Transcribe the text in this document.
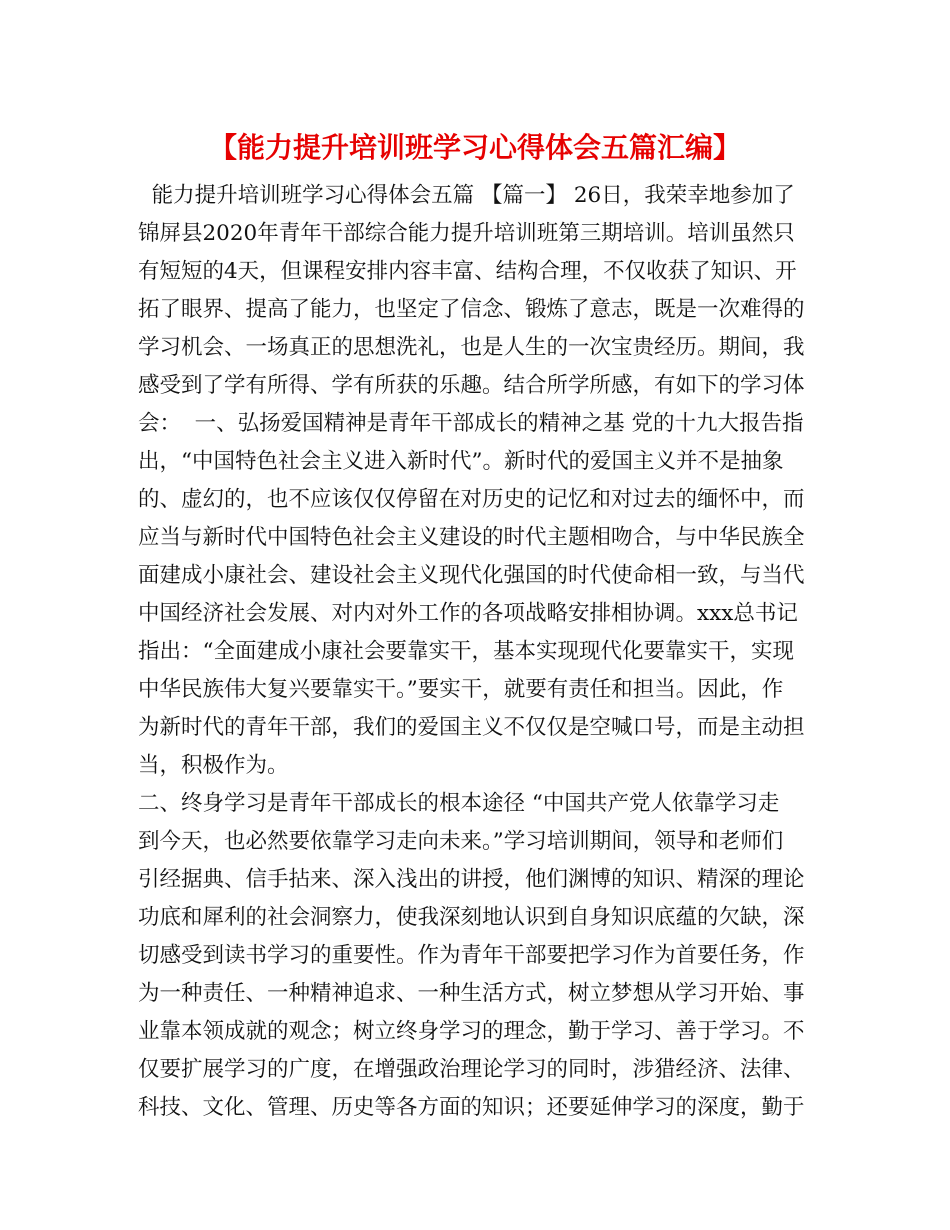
【能力提升培训班学习心得体会五篇汇编】
能力提升培训班学习心得体会五篇 【篇一】 26日，我荣幸地参加了
锦屏县2020年青年干部综合能力提升培训班第三期培训。培训虽然只
有短短的4天，但课程安排内容丰富、结构合理，不仅收获了知识、开
拓了眼界、提高了能力，也坚定了信念、锻炼了意志，既是一次难得的
学习机会、一场真正的思想洗礼，也是人生的一次宝贵经历。期间，我
感受到了学有所得、学有所获的乐趣。结合所学所感，有如下的学习体
会：  一、弘扬爱国精神是青年干部成长的精神之基 党的十九大报告指
出，“中国特色社会主义进入新时代”。新时代的爱国主义并不是抽象
的、虚幻的，也不应该仅仅停留在对历史的记忆和对过去的缅怀中，而
应当与新时代中国特色社会主义建设的时代主题相吻合，与中华民族全
面建成小康社会、建设社会主义现代化强国的时代使命相一致，与当代
中国经济社会发展、对内对外工作的各项战略安排相协调。xxx总书记
指出：“全面建成小康社会要靠实干，基本实现现代化要靠实干，实现
中华民族伟大复兴要靠实干。”要实干，就要有责任和担当。因此，作
为新时代的青年干部，我们的爱国主义不仅仅是空喊口号，而是主动担
当，积极作为。
二、终身学习是青年干部成长的根本途径 “中国共产党人依靠学习走
到今天，也必然要依靠学习走向未来。”学习培训期间，领导和老师们
引经据典、信手拈来、深入浅出的讲授，他们渊博的知识、精深的理论
功底和犀利的社会洞察力，使我深刻地认识到自身知识底蕴的欠缺，深
切感受到读书学习的重要性。作为青年干部要把学习作为首要任务，作
为一种责任、一种精神追求、一种生活方式，树立梦想从学习开始、事
业靠本领成就的观念；树立终身学习的理念，勤于学习、善于学习。不
仅要扩展学习的广度，在增强政治理论学习的同时，涉猎经济、法律、
科技、文化、管理、历史等各方面的知识；还要延伸学习的深度，勤于
